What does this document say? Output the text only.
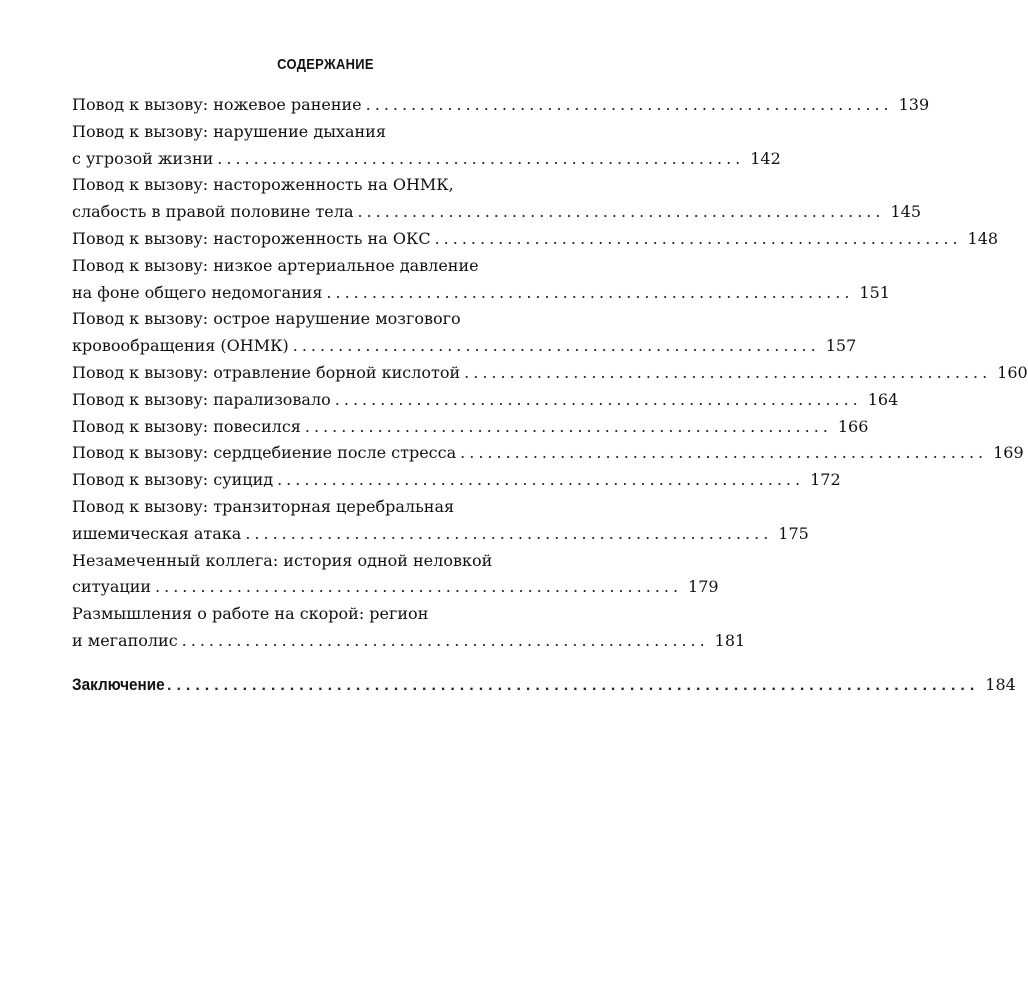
СОДЕРЖАНИЕ
Повод к вызову: ножевое ранение .......................................................... 139
Повод к вызову: нарушение дыхания
с угрозой жизни .......................................................... 142
Повод к вызову: настороженность на ОНМК,
слабость в правой половине тела .......................................................... 145
Повод к вызову: настороженность на ОКС .......................................................... 148
Повод к вызову: низкое артериальное давление
на фоне общего недомогания .......................................................... 151
Повод к вызову: острое нарушение мозгового
кровообращения (ОНМК) .......................................................... 157
Повод к вызову: отравление борной кислотой .......................................................... 160
Повод к вызову: парализовало .......................................................... 164
Повод к вызову: повесился .......................................................... 166
Повод к вызову: сердцебиение после стресса .......................................................... 169
Повод к вызову: суицид .......................................................... 172
Повод к вызову: транзиторная церебральная
ишемическая атака .......................................................... 175
Незамеченный коллега: история одной неловкой
ситуации .......................................................... 179
Размышления о работе на скорой: регион
и мегаполис .......................................................... 181
Заключение ...................................................................................... 184
